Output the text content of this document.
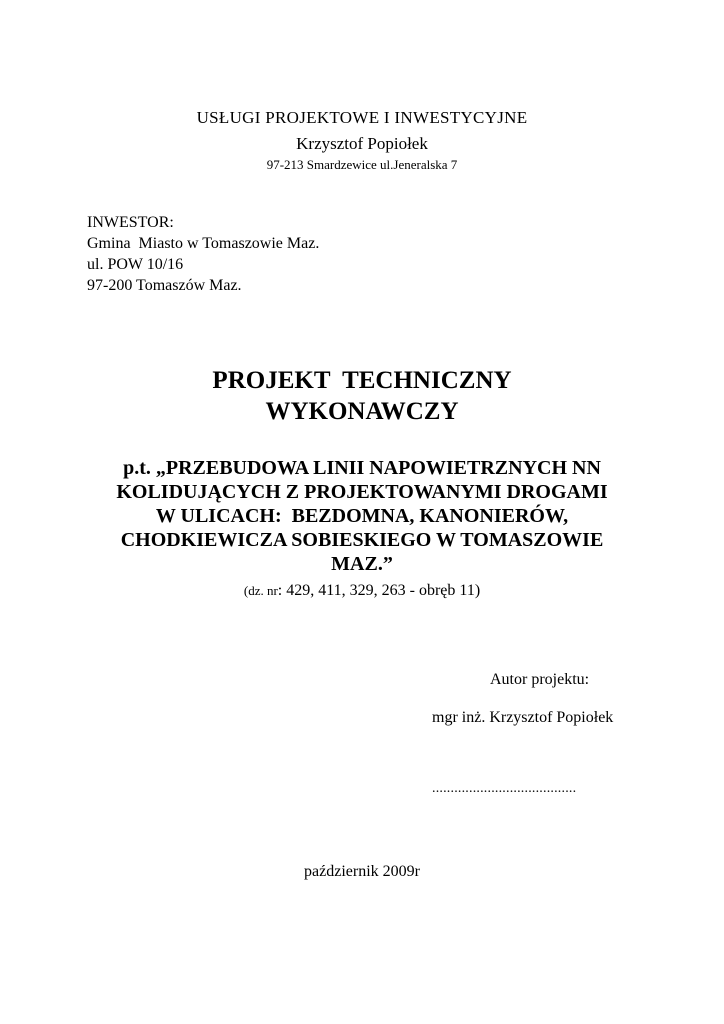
USŁUGI PROJEKTOWE I INWESTYCYJNE
Krzysztof Popiołek
97-213 Smardzewice ul.Jeneralska 7
INWESTOR:
Gmina  Miasto w Tomaszowie Maz.
ul. POW 10/16
97-200 Tomaszów Maz.
PROJEKT  TECHNICZNY
WYKONAWCZY
p.t. „PRZEBUDOWA LINII NAPOWIETRZNYCH NN
KOLIDUJĄCYCH Z PROJEKTOWANYMI DROGAMI
W ULICACH:  BEZDOMNA, KANONIERÓW,
CHODKIEWICZA SOBIESKIEGO W TOMASZOWIE
MAZ.”
(dz. nr: 429, 411, 329, 263 - obręb 11)
Autor projektu:
mgr inż. Krzysztof Popiołek
.......................................
październik 2009r
